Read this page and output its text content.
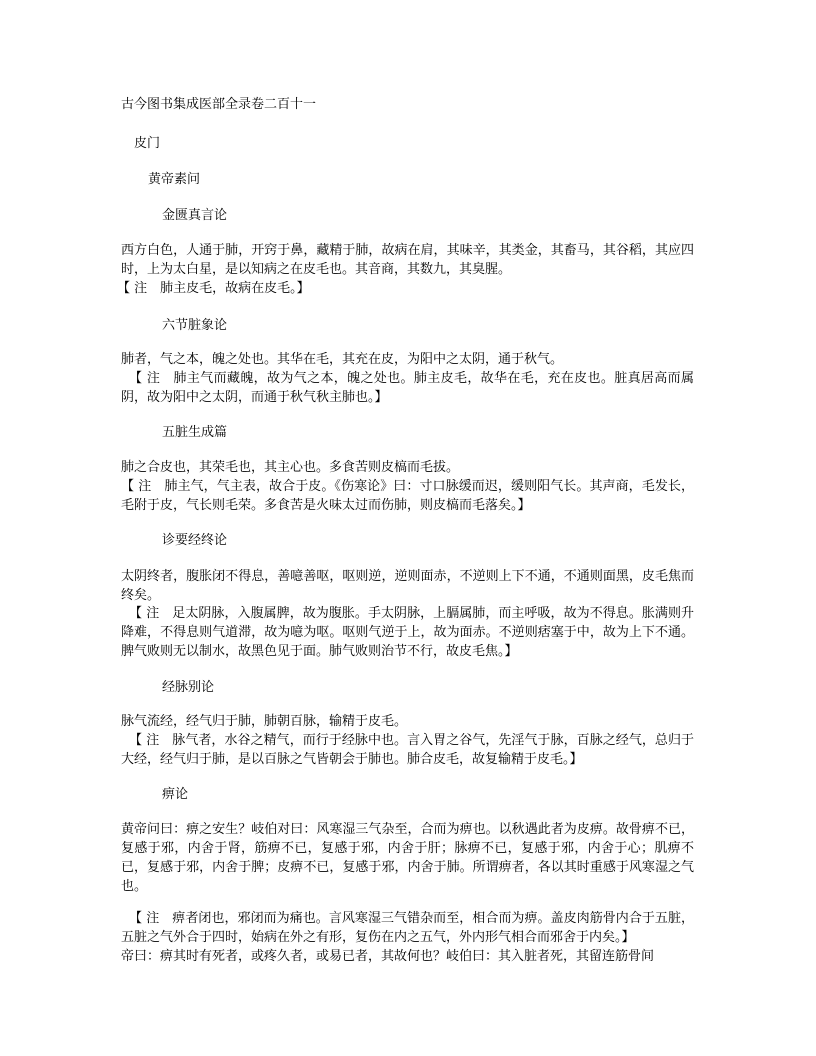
古今图书集成医部全录卷二百十一
皮门
黄帝素问
金匮真言论
西方白色，人通于肺，开窍于鼻，藏精于肺，故病在肩，其味辛，其类金，其畜马，其谷稻，其应四时，上为太白星，是以知病之在皮毛也。其音商，其数九，其臭腥。
【 注　肺主皮毛，故病在皮毛。】
六节脏象论
肺者，气之本，魄之处也。其华在毛，其充在皮，为阳中之太阴，通于秋气。
【 注　肺主气而藏魄，故为气之本，魄之处也。肺主皮毛，故华在毛，充在皮也。脏真居高而属阴，故为阳中之太阴，而通于秋气秋主肺也。】
五脏生成篇
肺之合皮也，其荣毛也，其主心也。多食苦则皮槁而毛拔。
【 注　肺主气，气主表，故合于皮。《伤寒论》曰：寸口脉缓而迟，缓则阳气长。其声商，毛发长，毛附于皮，气长则毛荣。多食苦是火味太过而伤肺，则皮槁而毛落矣。】
诊要经终论
太阴终者，腹胀闭不得息，善噫善呕，呕则逆，逆则面赤，不逆则上下不通，不通则面黑，皮毛焦而终矣。
【 注　足太阴脉，入腹属脾，故为腹胀。手太阴脉，上膈属肺，而主呼吸，故为不得息。胀满则升降难，不得息则气道滞，故为噫为呕。呕则气逆于上，故为面赤。不逆则痞塞于中，故为上下不通。脾气败则无以制水，故黑色见于面。肺气败则治节不行，故皮毛焦。】
经脉别论
脉气流经，经气归于肺，肺朝百脉，输精于皮毛。
【 注　脉气者，水谷之精气，而行于经脉中也。言入胃之谷气，先淫气于脉，百脉之经气，总归于大经，经气归于肺，是以百脉之气皆朝会于肺也。肺合皮毛，故复输精于皮毛。】
痹论
黄帝问曰：痹之安生？岐伯对曰：风寒湿三气杂至，合而为痹也。以秋遇此者为皮痹。故骨痹不已，复感于邪，内舍于肾，筋痹不已，复感于邪，内舍于肝；脉痹不已，复感于邪，内舍于心；肌痹不已，复感于邪，内舍于脾；皮痹不已，复感于邪，内舍于肺。所谓痹者，各以其时重感于风寒湿之气也。
【 注　痹者闭也，邪闭而为痛也。言风寒湿三气错杂而至，相合而为痹。盖皮肉筋骨内合于五脏，五脏之气外合于四时，始病在外之有形，复伤在内之五气，外内形气相合而邪舍于内矣。】
帝曰：痹其时有死者，或疼久者，或易已者，其故何也？岐伯曰：其入脏者死，其留连筋骨间
